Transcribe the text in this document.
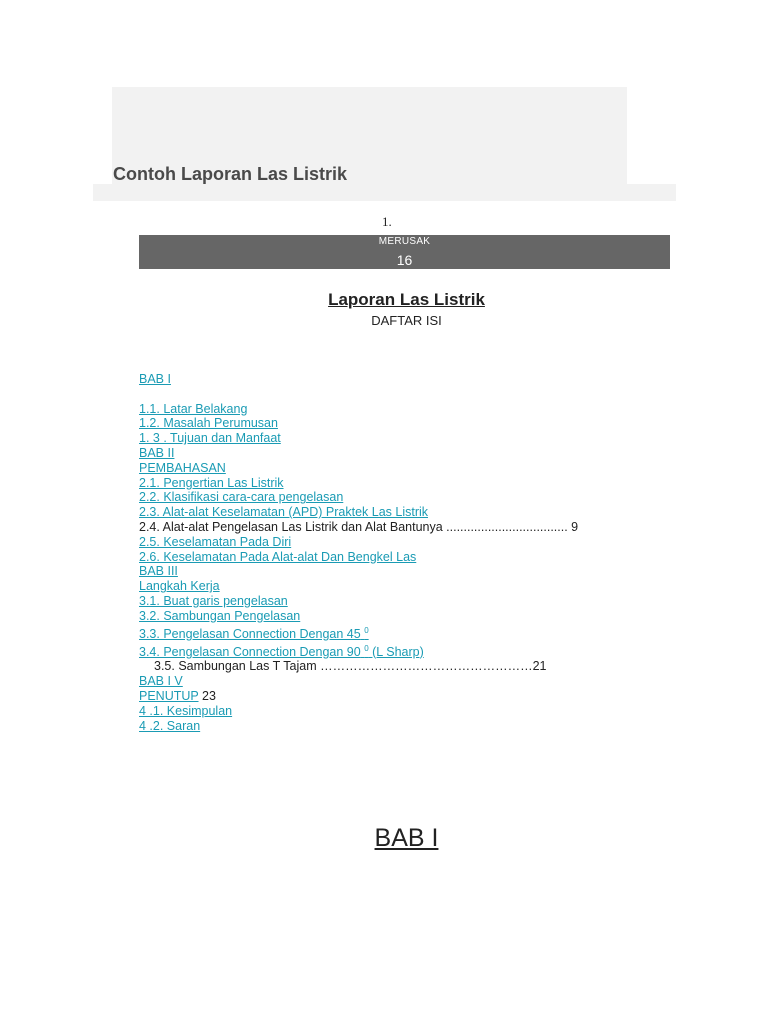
Contoh Laporan Las Listrik
1.
MERUSAK
16
Laporan Las Listrik
DAFTAR ISI
BAB I
1.1. Latar Belakang
1.2. Masalah Perumusan
1. 3 . Tujuan dan Manfaat
BAB II
PEMBAHASAN
2.1. Pengertian Las Listrik
2.2. Klasifikasi cara-cara pengelasan
2.3. Alat-alat Keselamatan (APD) Praktek Las Listrik
2.4. Alat-alat Pengelasan Las Listrik dan Alat Bantunya ................................... 9
2.5. Keselamatan Pada Diri
2.6. Keselamatan Pada Alat-alat Dan Bengkel Las
BAB III
Langkah Kerja
3.1. Buat garis pengelasan
3.2. Sambungan Pengelasan
3.3. Pengelasan Connection Dengan 45 $^0$
3.4. Pengelasan Connection Dengan 90 $^0$ (L Sharp)
3.5. Sambungan Las T Tajam ……………………………………………21
BAB I V
PENUTUP 23
4 .1. Kesimpulan
4 .2. Saran
BAB I
